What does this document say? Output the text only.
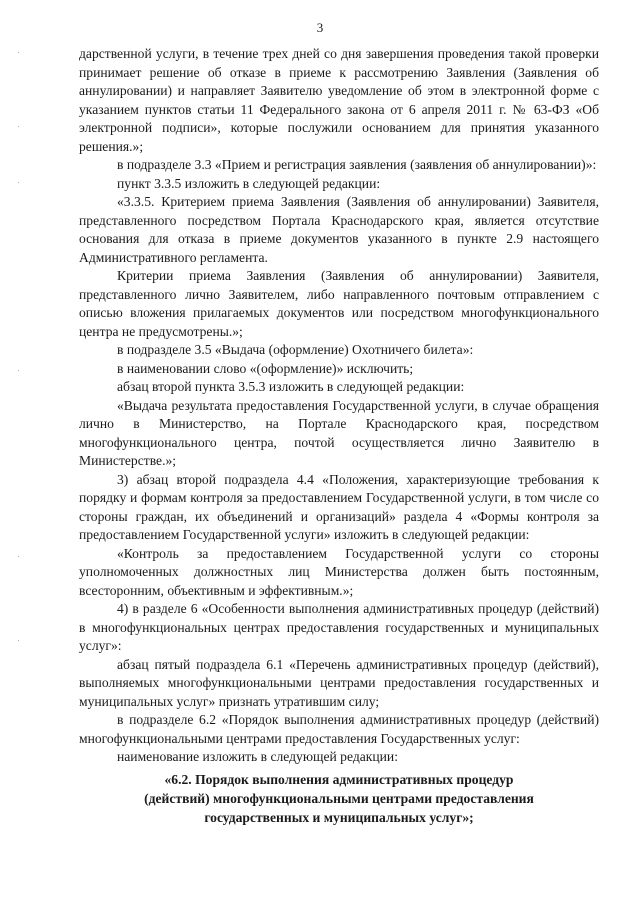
3

дарственной услуги, в течение трех дней со дня завершения проведения такой проверки принимает решение об отказе в приеме к рассмотрению Заявления (Заявления об аннулировании) и направляет Заявителю уведомление об этом в электронной форме с указанием пунктов статьи 11 Федерального закона от 6 апреля 2011 г. № 63-ФЗ «Об электронной подписи», которые послужили основанием для принятия указанного решения.»;

в подразделе 3.3 «Прием и регистрация заявления (заявления об аннулировании)»:

пункт 3.3.5 изложить в следующей редакции:

«3.3.5. Критерием приема Заявления (Заявления об аннулировании) Заявителя, представленного посредством Портала Краснодарского края, является отсутствие основания для отказа в приеме документов указанного в пункте 2.9 настоящего Административного регламента.

Критерии приема Заявления (Заявления об аннулировании) Заявителя, представленного лично Заявителем, либо направленного почтовым отправлением с описью вложения прилагаемых документов или посредством многофункционального центра не предусмотрены.»;

в подразделе 3.5 «Выдача (оформление) Охотничего билета»:

в наименовании слово «(оформление)» исключить;

абзац второй пункта 3.5.3 изложить в следующей редакции:

«Выдача результата предоставления Государственной услуги, в случае обращения лично в Министерство, на Портале Краснодарского края, посредством многофункционального центра, почтой осуществляется лично Заявителю в Министерстве.»;

3) абзац второй подраздела 4.4 «Положения, характеризующие требования к порядку и формам контроля за предоставлением Государственной услуги, в том числе со стороны граждан, их объединений и организаций» раздела 4 «Формы контроля за предоставлением Государственной услуги» изложить в следующей редакции:

«Контроль за предоставлением Государственной услуги со стороны уполномоченных должностных лиц Министерства должен быть постоянным, всесторонним, объективным и эффективным.»;

4) в разделе 6 «Особенности выполнения административных процедур (действий) в многофункциональных центрах предоставления государственных и муниципальных услуг»:

абзац пятый подраздела 6.1 «Перечень административных процедур (действий), выполняемых многофункциональными центрами предоставления государственных и муниципальных услуг» признать утратившим силу;

в подразделе 6.2 «Порядок выполнения административных процедур (действий) многофункциональными центрами предоставления Государственных услуг:

наименование изложить в следующей редакции:

«6.2. Порядок выполнения административных процедур
(действий) многофункциональными центрами предоставления
государственных и муниципальных услуг»;
